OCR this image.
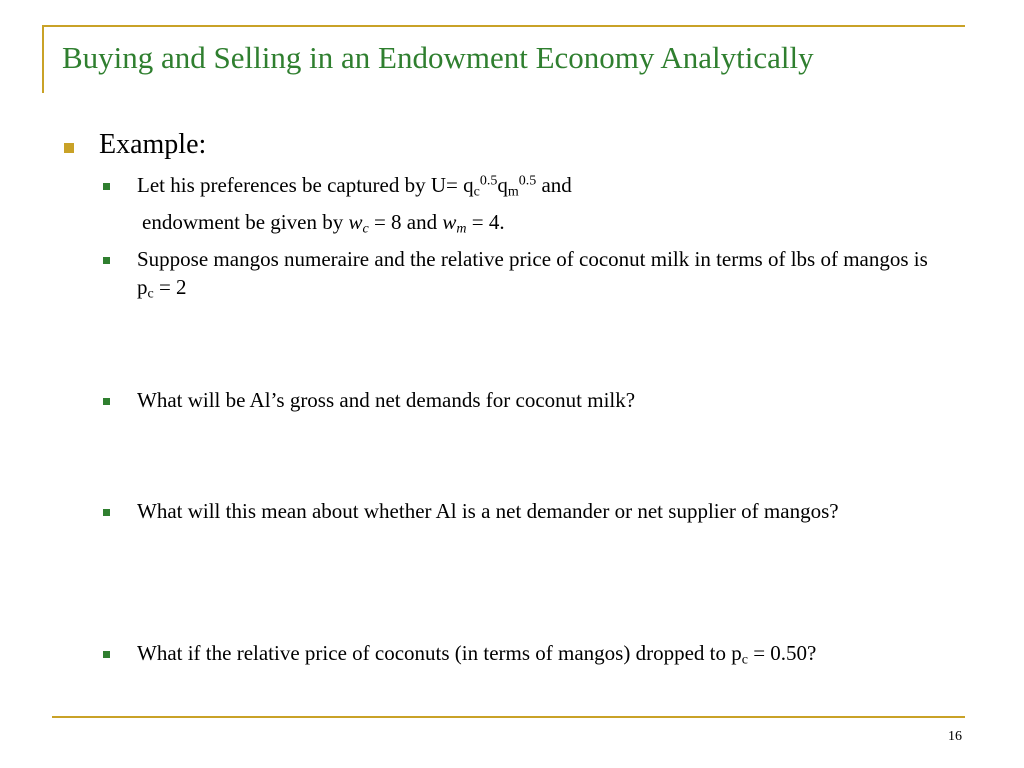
Buying and Selling in an Endowment Economy Analytically
Example:
Let his preferences be captured by $U= q_c^{0.5}q_m^{0.5}$ and
endowment be given by $w_c = 8$ and $w_m = 4$.
Suppose mangos numeraire and the relative price of coconut milk in terms of lbs of mangos is $p_c = 2$
What will be Al’s gross and net demands for coconut milk?
What will this mean about whether Al is a net demander or net supplier of mangos?
What if the relative price of coconuts (in terms of mangos) dropped to $p_c = 0.50$?
16
